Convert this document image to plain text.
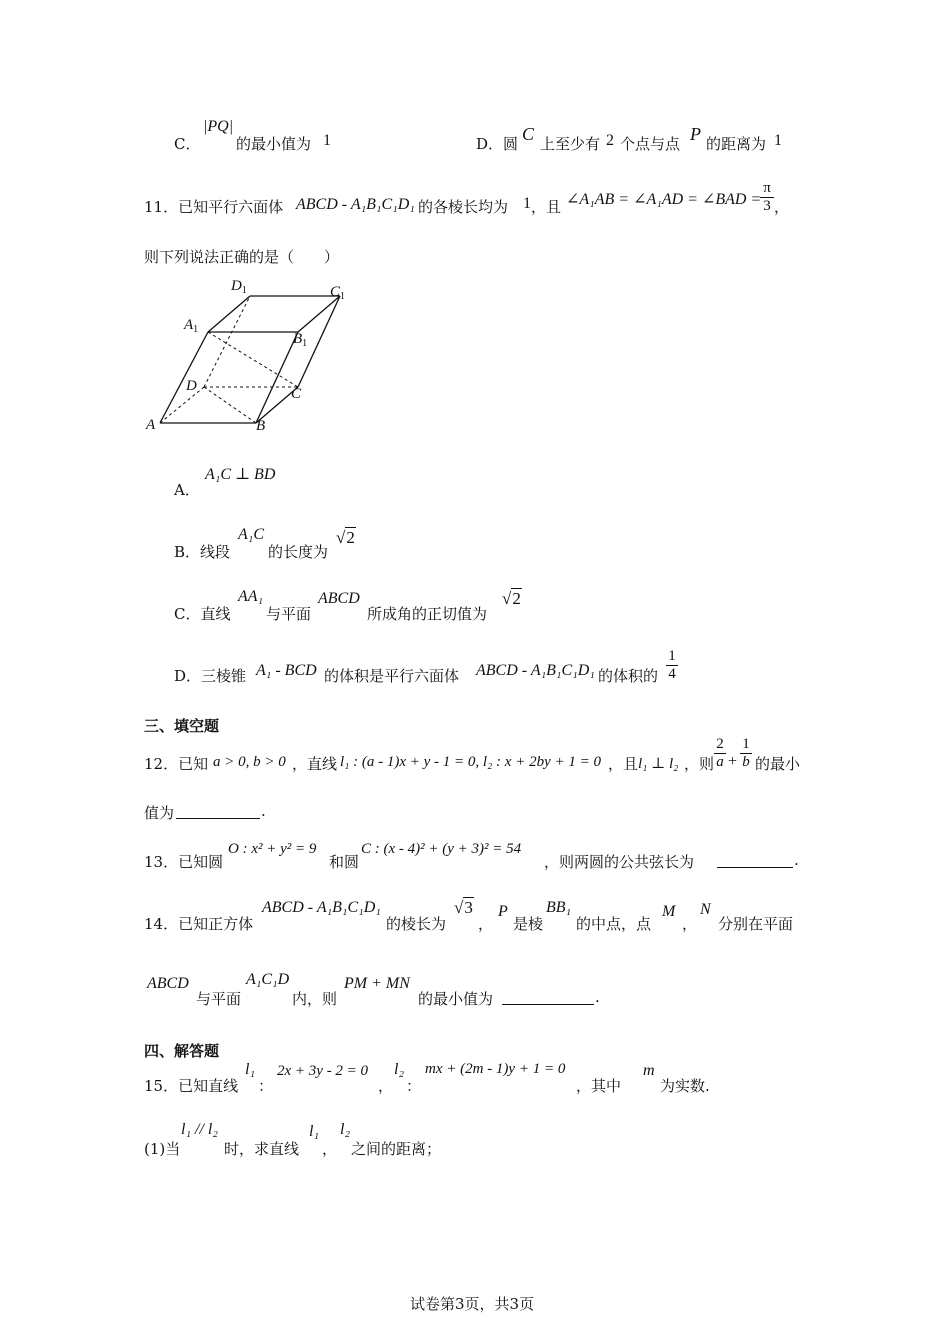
C．
|PQ|
的最小值为 1	D．圆 C 上至少有 2 个点与点 P 的距离为 1
11．已知平行六面体 ABCD - A₁B₁C₁D₁ 的各棱长均为 1 ，且 ∠A₁AB = ∠A₁AD = ∠BAD =
π
3 ，
则下列说法正确的是（　　）
$D_1$	$C_1$
$A_1$
$B_1$
D	C
A	B
A．
A₁C ⊥ BD
B．线段
A₁C
的长度为
√2
C．直线
AA₁
与平面
ABCD
所成角的正切值为
√2
D．三棱锥 A₁ - BCD 的体积是平行六面体 ABCD - A₁B₁C₁D₁ 的体积的
1
4
三、填空题
12．已知 a > 0, b > 0 ，直线 l₁ : (a - 1)x + y - 1 = 0, l₂ : x + 2by + 1 = 0 ，且 l₁ ⊥ l₂ ，则
2
a +
1
b 的最小
值为	.
13．已知圆
O : x² + y² = 9
和圆
C : (x - 4)² + (y + 3)² = 54
，则两圆的公共弦长为	.
14．已知正方体
ABCD - A₁B₁C₁D₁
的棱长为
√3
，
P
是棱
BB₁
的中点，点
M
，
N
分别在平面
ABCD
与平面
A₁C₁D
内，则
PM + MN
的最小值为	.
四、解答题
15．已知直线
l₁
：
2x + 3y - 2 = 0
，
l₂
：
mx + (2m - 1)y + 1 = 0
，其中
m
为实数.
(1)当
l₁ // l₂
时，求直线
l₁
，
l₂
之间的距离；
试卷第3页，共3页
